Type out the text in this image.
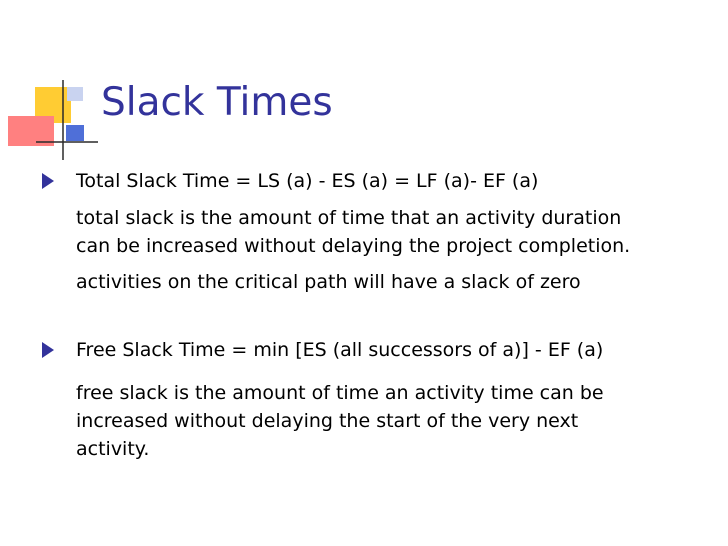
Slack Times
Total Slack Time = LS (a) - ES (a) = LF (a)- EF (a)
total slack is the amount of time that an activity duration
can be increased without delaying the project completion.
activities on the critical path will have a slack of zero
Free Slack Time = min [ES (all successors of a)] - EF (a)
free slack is the amount of time an activity time can be
increased without delaying the start of the very next
activity.
